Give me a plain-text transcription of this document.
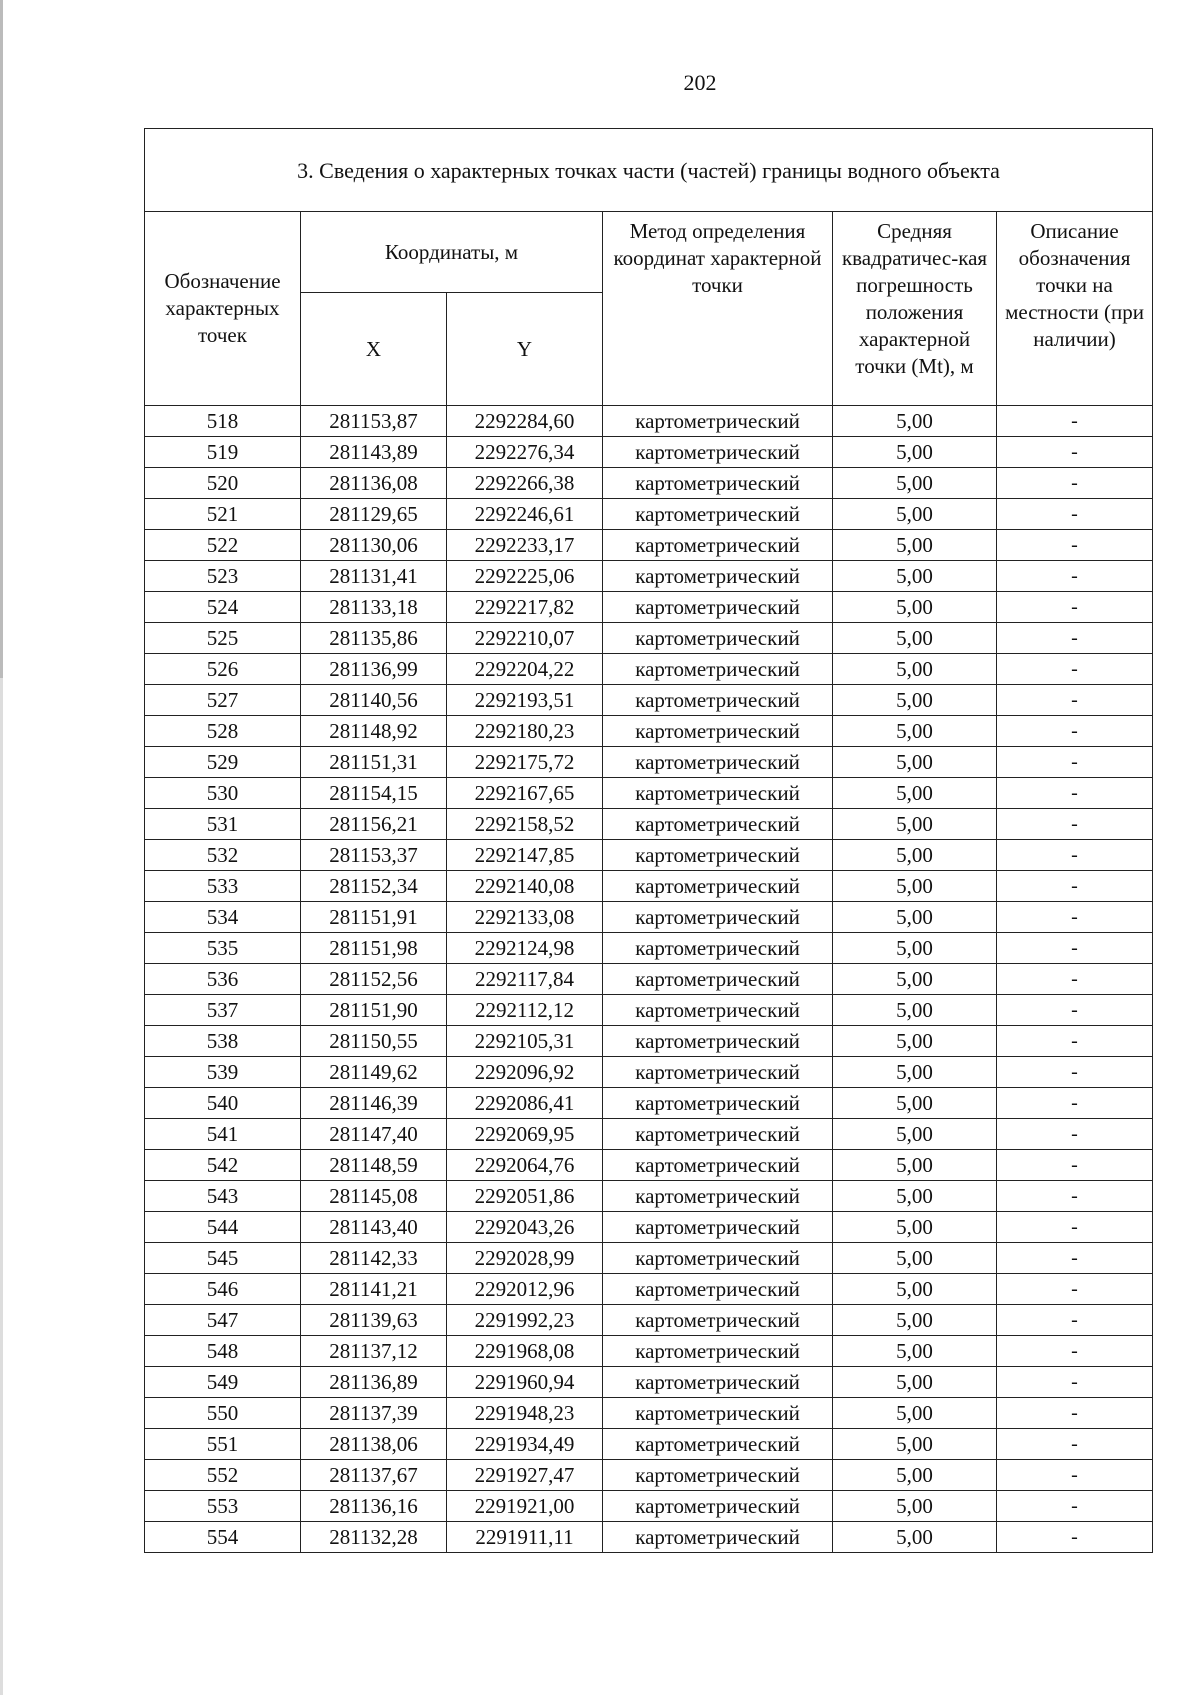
202
3. Сведения о характерных точках части (частей) границы водного объекта					
Обозначение характерных точек	Координаты, м		Метод определения координат характерной точки	Средняя квадратичес-кая погрешность положения характерной точки (Mt), м	Описание обозначения точки на местности (при наличии)
	X	Y			
518	281153,87	2292284,60	картометрический	5,00	-
519	281143,89	2292276,34	картометрический	5,00	-
520	281136,08	2292266,38	картометрический	5,00	-
521	281129,65	2292246,61	картометрический	5,00	-
522	281130,06	2292233,17	картометрический	5,00	-
523	281131,41	2292225,06	картометрический	5,00	-
524	281133,18	2292217,82	картометрический	5,00	-
525	281135,86	2292210,07	картометрический	5,00	-
526	281136,99	2292204,22	картометрический	5,00	-
527	281140,56	2292193,51	картометрический	5,00	-
528	281148,92	2292180,23	картометрический	5,00	-
529	281151,31	2292175,72	картометрический	5,00	-
530	281154,15	2292167,65	картометрический	5,00	-
531	281156,21	2292158,52	картометрический	5,00	-
532	281153,37	2292147,85	картометрический	5,00	-
533	281152,34	2292140,08	картометрический	5,00	-
534	281151,91	2292133,08	картометрический	5,00	-
535	281151,98	2292124,98	картометрический	5,00	-
536	281152,56	2292117,84	картометрический	5,00	-
537	281151,90	2292112,12	картометрический	5,00	-
538	281150,55	2292105,31	картометрический	5,00	-
539	281149,62	2292096,92	картометрический	5,00	-
540	281146,39	2292086,41	картометрический	5,00	-
541	281147,40	2292069,95	картометрический	5,00	-
542	281148,59	2292064,76	картометрический	5,00	-
543	281145,08	2292051,86	картометрический	5,00	-
544	281143,40	2292043,26	картометрический	5,00	-
545	281142,33	2292028,99	картометрический	5,00	-
546	281141,21	2292012,96	картометрический	5,00	-
547	281139,63	2291992,23	картометрический	5,00	-
548	281137,12	2291968,08	картометрический	5,00	-
549	281136,89	2291960,94	картометрический	5,00	-
550	281137,39	2291948,23	картометрический	5,00	-
551	281138,06	2291934,49	картометрический	5,00	-
552	281137,67	2291927,47	картометрический	5,00	-
553	281136,16	2291921,00	картометрический	5,00	-
554	281132,28	2291911,11	картометрический	5,00	-
